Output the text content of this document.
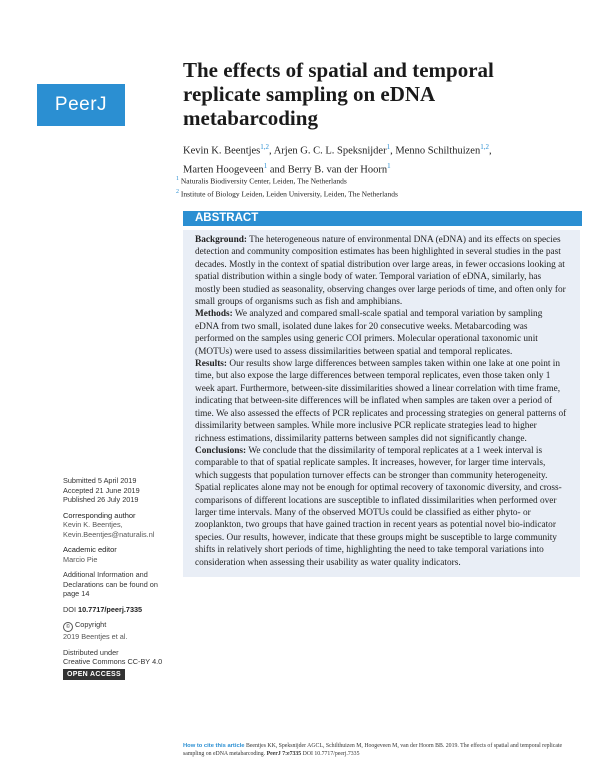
PeerJ
The effects of spatial and temporal replicate sampling on eDNA metabarcoding
Kevin K. Beentjes$^{1,2}$, Arjen G. C. L. Speksnijder$^1$, Menno Schilthuizen$^{1,2}$,
Marten Hoogeveen$^1$ and Berry B. van der Hoorn$^1$
$^1$ Naturalis Biodiversity Center, Leiden, The Netherlands
$^2$ Institute of Biology Leiden, Leiden University, Leiden, The Netherlands
ABSTRACT

Background: The heterogeneous nature of environmental DNA (eDNA) and its effects on species detection and community composition estimates has been highlighted in several studies in the past decades. Mostly in the context of spatial distribution over large areas, in fewer occasions looking at spatial distribution within a single body of water. Temporal variation of eDNA, similarly, has mostly been studied as seasonality, observing changes over large periods of time, and often only for small groups of organisms such as fish and amphibians.

Methods: We analyzed and compared small-scale spatial and temporal variation by sampling eDNA from two small, isolated dune lakes for 20 consecutive weeks. Metabarcoding was performed on the samples using generic COI primers. Molecular operational taxonomic unit (MOTUs) were used to assess dissimilarities between spatial and temporal replicates.

Results: Our results show large differences between samples taken within one lake at one point in time, but also expose the large differences between temporal replicates, even those taken only 1 week apart. Furthermore, between-site dissimilarities showed a linear correlation with time frame, indicating that between-site differences will be inflated when samples are taken over a period of time. We also assessed the effects of PCR replicates and processing strategies on general patterns of dissimilarity between samples. While more inclusive PCR replicate strategies lead to higher richness estimations, dissimilarity patterns between samples did not significantly change.

Conclusions: We conclude that the dissimilarity of temporal replicates at a 1 week interval is comparable to that of spatial replicate samples. It increases, however, for larger time intervals, which suggests that population turnover effects can be stronger than community heterogeneity. Spatial replicates alone may not be enough for optimal recovery of taxonomic diversity, and cross-comparisons of different locations are susceptible to inflated dissimilarities when performed over larger time intervals. Many of the observed MOTUs could be classified as either phyto- or zooplankton, two groups that have gained traction in recent years as potential novel bio-indicator species. Our results, however, indicate that these groups might be susceptible to large community shifts in relatively short periods of time, highlighting the need to take temporal variations into consideration when assessing their usability as water quality indicators.

Submitted 5 April 2019
Accepted 21 June 2019
Published 26 July 2019
Corresponding author
Kevin K. Beentjes,
Kevin.Beentjes@naturalis.nl
Academic editor
Marcio Pie
Additional Information and Declarations can be found on page 14
DOI 10.7717/peerj.7335
© Copyright
2019 Beentjes et al.
Distributed under
Creative Commons CC-BY 4.0
OPEN ACCESS
How to cite this article Beentjes KK, Speksnijder AGCL, Schilthuizen M, Hoogeveen M, van der Hoorn BB. 2019. The effects of spatial and temporal replicate sampling on eDNA metabarcoding. PeerJ 7:e7335 DOI 10.7717/peerj.7335
